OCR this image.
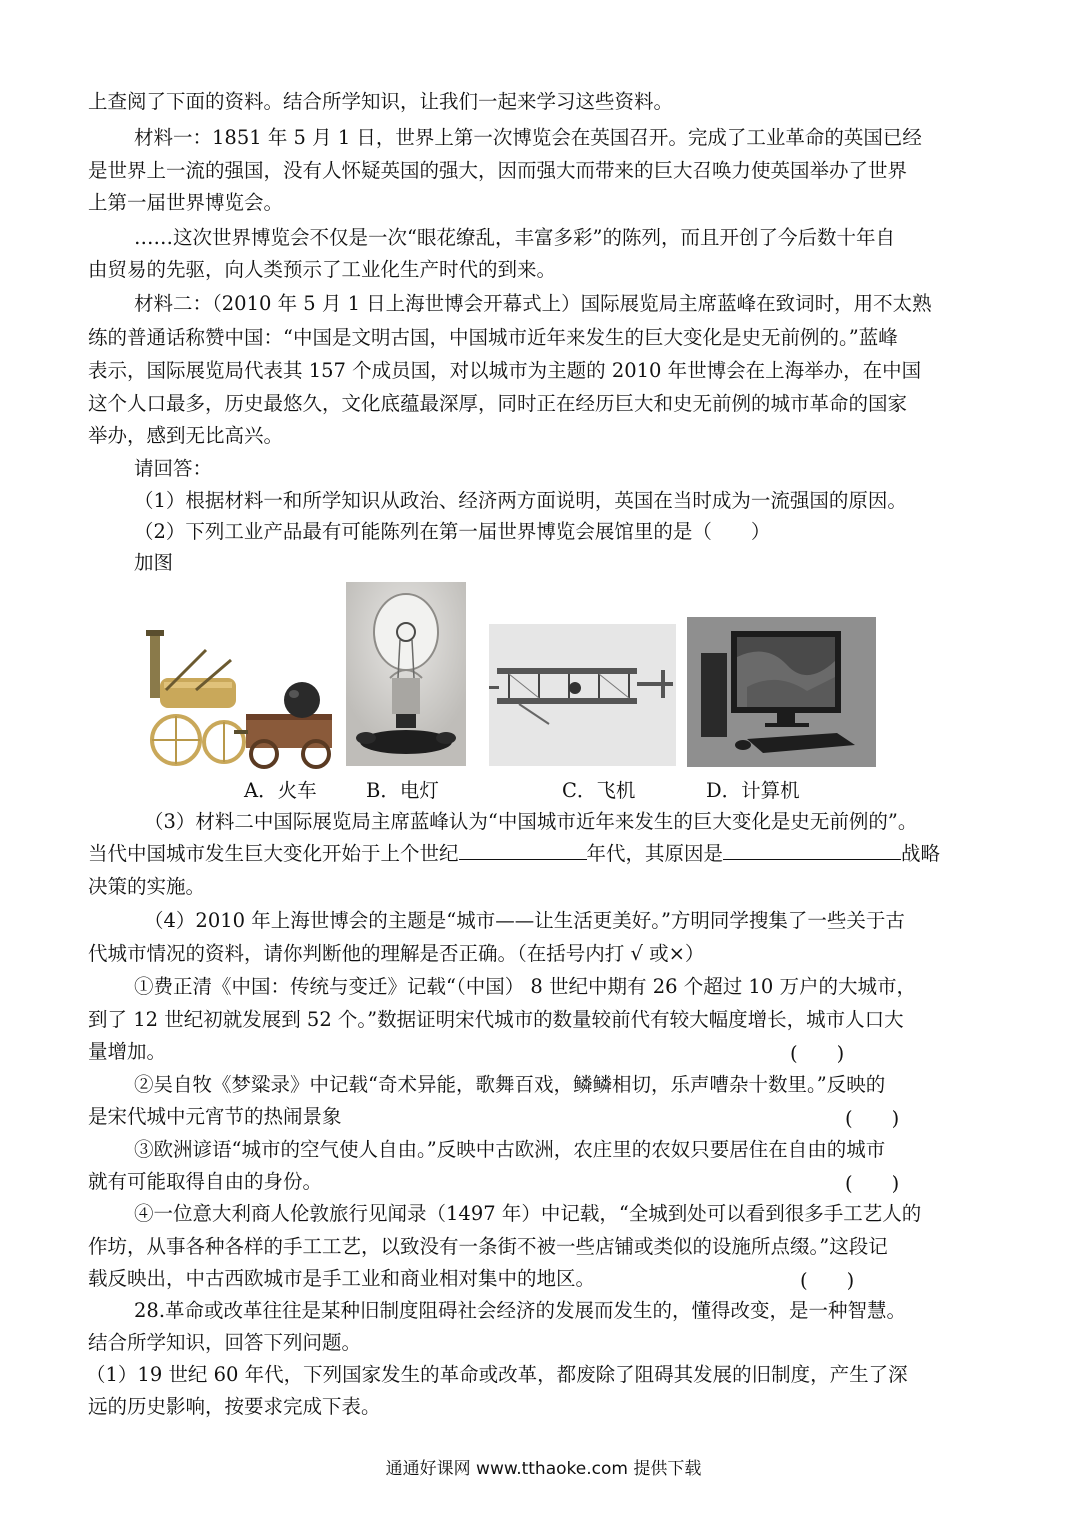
上查阅了下面的资料。结合所学知识，让我们一起来学习这些资料。
材料一：1851 年 5 月 1 日，世界上第一次博览会在英国召开。完成了工业革命的英国已经
是世界上一流的强国，没有人怀疑英国的强大，因而强大而带来的巨大召唤力使英国举办了世界
上第一届世界博览会。
……这次世界博览会不仅是一次“眼花缭乱，丰富多彩”的陈列，而且开创了今后数十年自
由贸易的先驱，向人类预示了工业化生产时代的到来。
材料二：（2010 年 5 月 1 日上海世博会开幕式上）国际展览局主席蓝峰在致词时，用不太熟
练的普通话称赞中国：“中国是文明古国，中国城市近年来发生的巨大变化是史无前例的。”蓝峰
表示，国际展览局代表其 157 个成员国，对以城市为主题的 2010 年世博会在上海举办，在中国
这个人口最多，历史最悠久，文化底蕴最深厚，同时正在经历巨大和史无前例的城市革命的国家
举办，感到无比高兴。
请回答：
（1）根据材料一和所学知识从政治、经济两方面说明，英国在当时成为一流强国的原因。
（2）下列工业产品最有可能陈列在第一届世界博览会展馆里的是（　　）
加图
A．火车	B．电灯	C．飞机	D．计算机
（3）材料二中国际展览局主席蓝峰认为“中国城市近年来发生的巨大变化是史无前例的”。
当代中国城市发生巨大变化开始于上个世纪	年代，其原因是	战略
决策的实施。
（4）2010 年上海世博会的主题是“城市——让生活更美好。”方明同学搜集了一些关于古
代城市情况的资料，请你判断他的理解是否正确。（在括号内打 √ 或×）
①费正清《中国：传统与变迁》记载“（中国） 8 世纪中期有 26 个超过 10 万户的大城市，
到了 12 世纪初就发展到 52 个。”数据证明宋代城市的数量较前代有较大幅度增长，城市人口大
量增加。	(　　)
②吴自牧《梦粱录》中记载“奇术异能，歌舞百戏，鳞鳞相切，乐声嘈杂十数里。”反映的
是宋代城中元宵节的热闹景象	(　　)
③欧洲谚语“城市的空气使人自由。”反映中古欧洲，农庄里的农奴只要居住在自由的城市
就有可能取得自由的身份。	(　　)
④一位意大利商人伦敦旅行见闻录（1497 年）中记载，“全城到处可以看到很多手工艺人的
作坊，从事各种各样的手工工艺，以致没有一条街不被一些店铺或类似的设施所点缀。”这段记
载反映出，中古西欧城市是手工业和商业相对集中的地区。	(　　)
28.革命或改革往往是某种旧制度阻碍社会经济的发展而发生的，懂得改变，是一种智慧。
结合所学知识，回答下列问题。
（1）19 世纪 60 年代，下列国家发生的革命或改革，都废除了阻碍其发展的旧制度，产生了深
远的历史影响，按要求完成下表。
通通好课网 www.tthaoke.com 提供下载
